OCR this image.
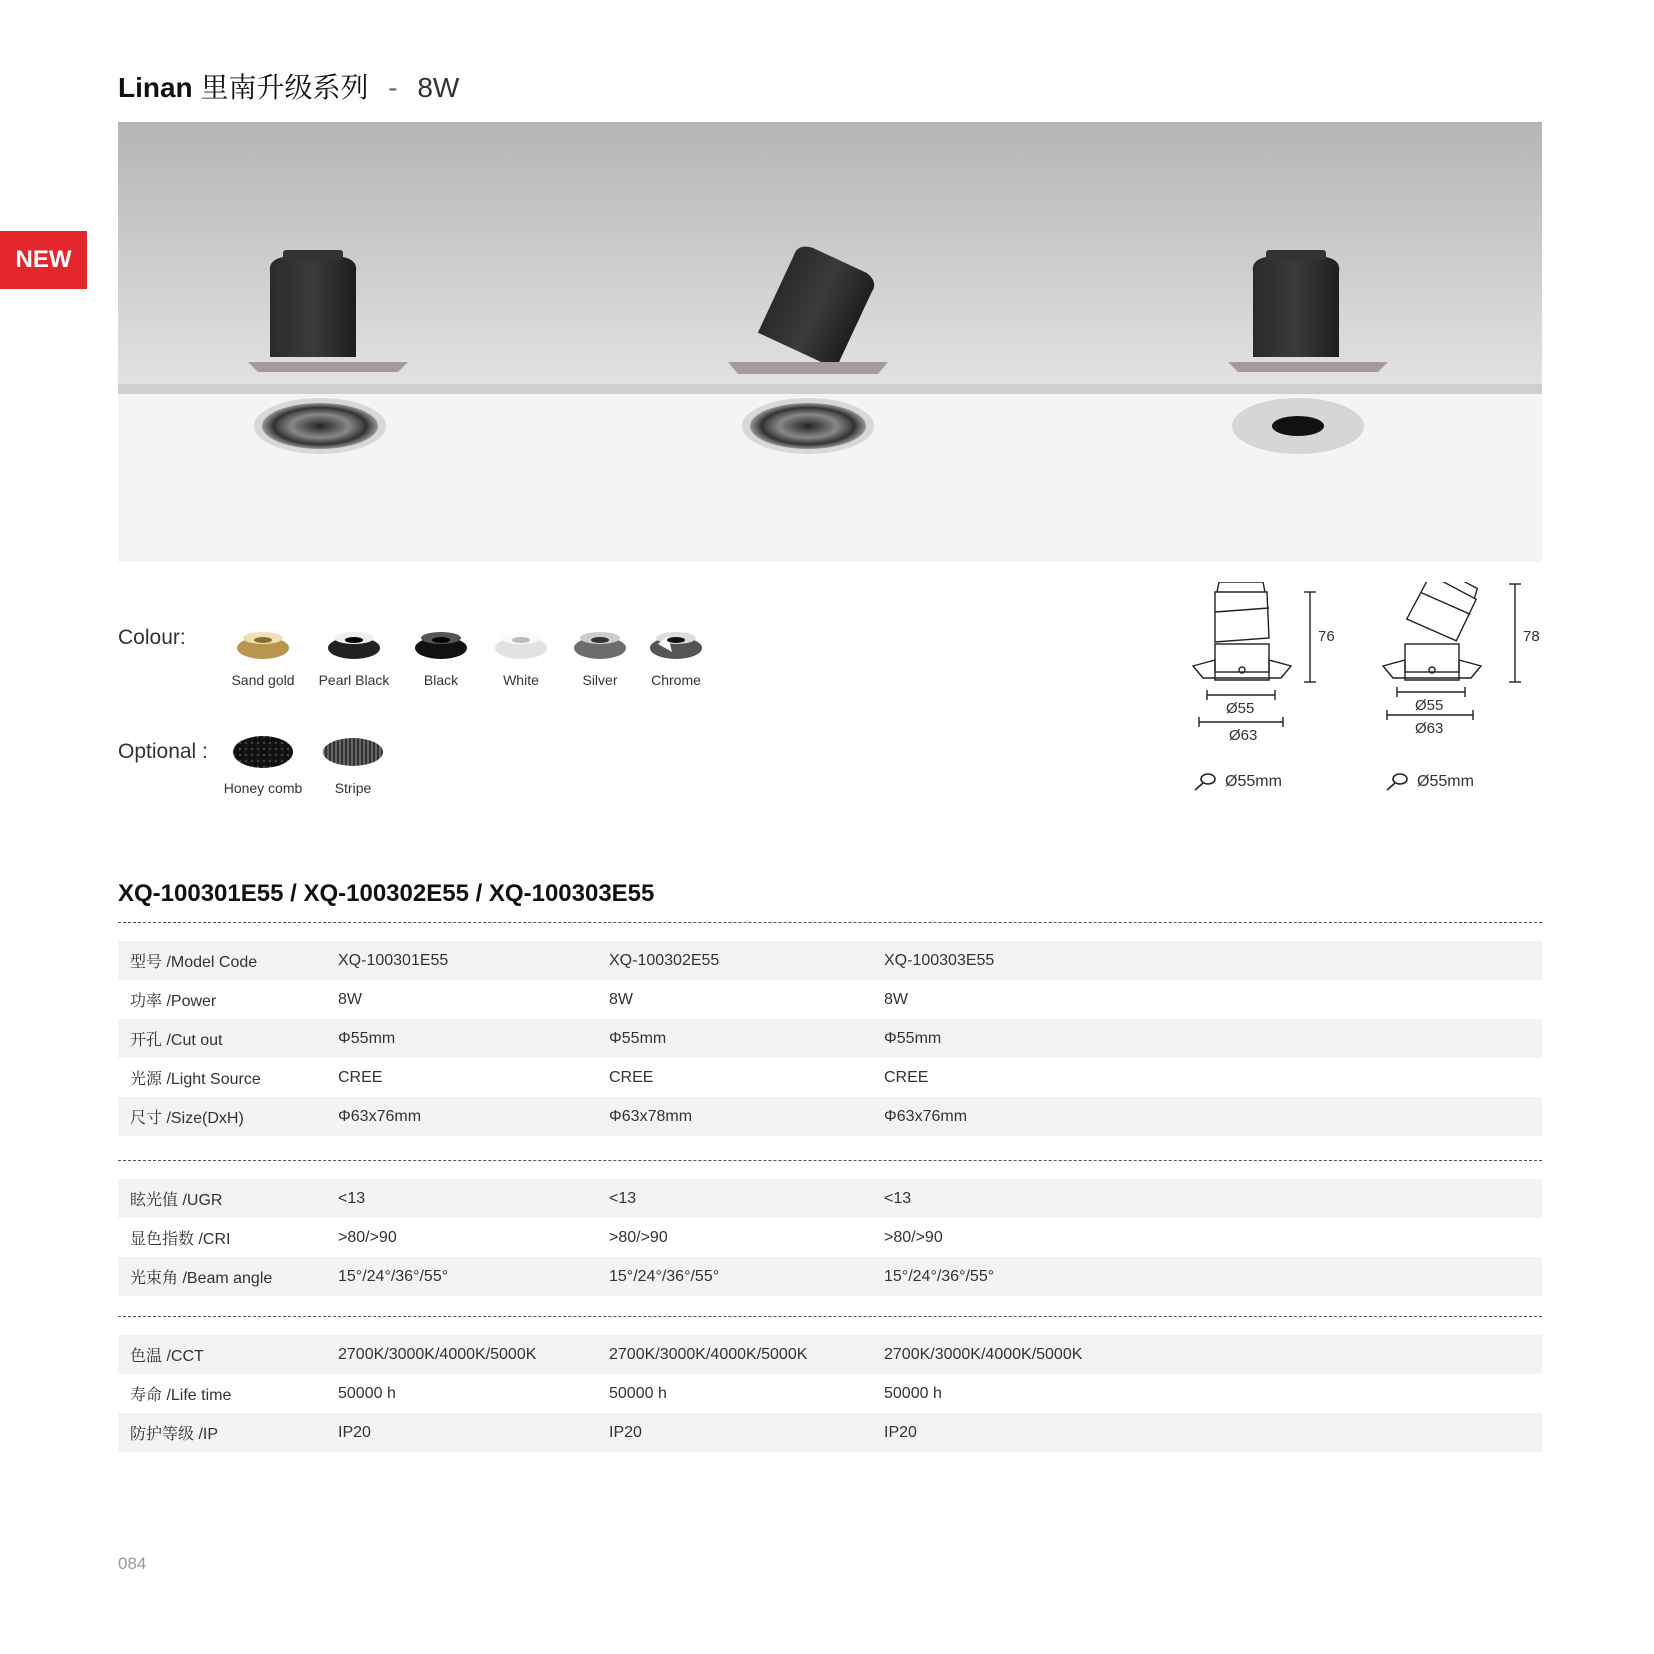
Linan 里南升级系列 - 8W
NEW
Colour:
Sand gold	Pearl Black	Black	White	Silver	Chrome
Optional :
Honey comb	Stripe
76
Ø55
Ø63
78
Ø55
Ø63
Ø55mm	Ø55mm
XQ-100301E55 / XQ-100302E55 / XQ-100303E55
型号 /Model Code	XQ-100301E55	XQ-100302E55	XQ-100303E55
功率 /Power	8W	8W	8W
开孔 /Cut out	Φ55mm	Φ55mm	Φ55mm
光源 /Light Source	CREE	CREE	CREE
尺寸 /Size(DxH)	Φ63x76mm	Φ63x78mm	Φ63x76mm
眩光值 /UGR	<13	<13	<13
显色指数 /CRI	>80/>90	>80/>90	>80/>90
光束角 /Beam angle	15°/24°/36°/55°	15°/24°/36°/55°	15°/24°/36°/55°
色温 /CCT	2700K/3000K/4000K/5000K	2700K/3000K/4000K/5000K	2700K/3000K/4000K/5000K
寿命 /Life time	50000 h	50000 h	50000 h
防护等级 /IP	IP20	IP20	IP20
084
